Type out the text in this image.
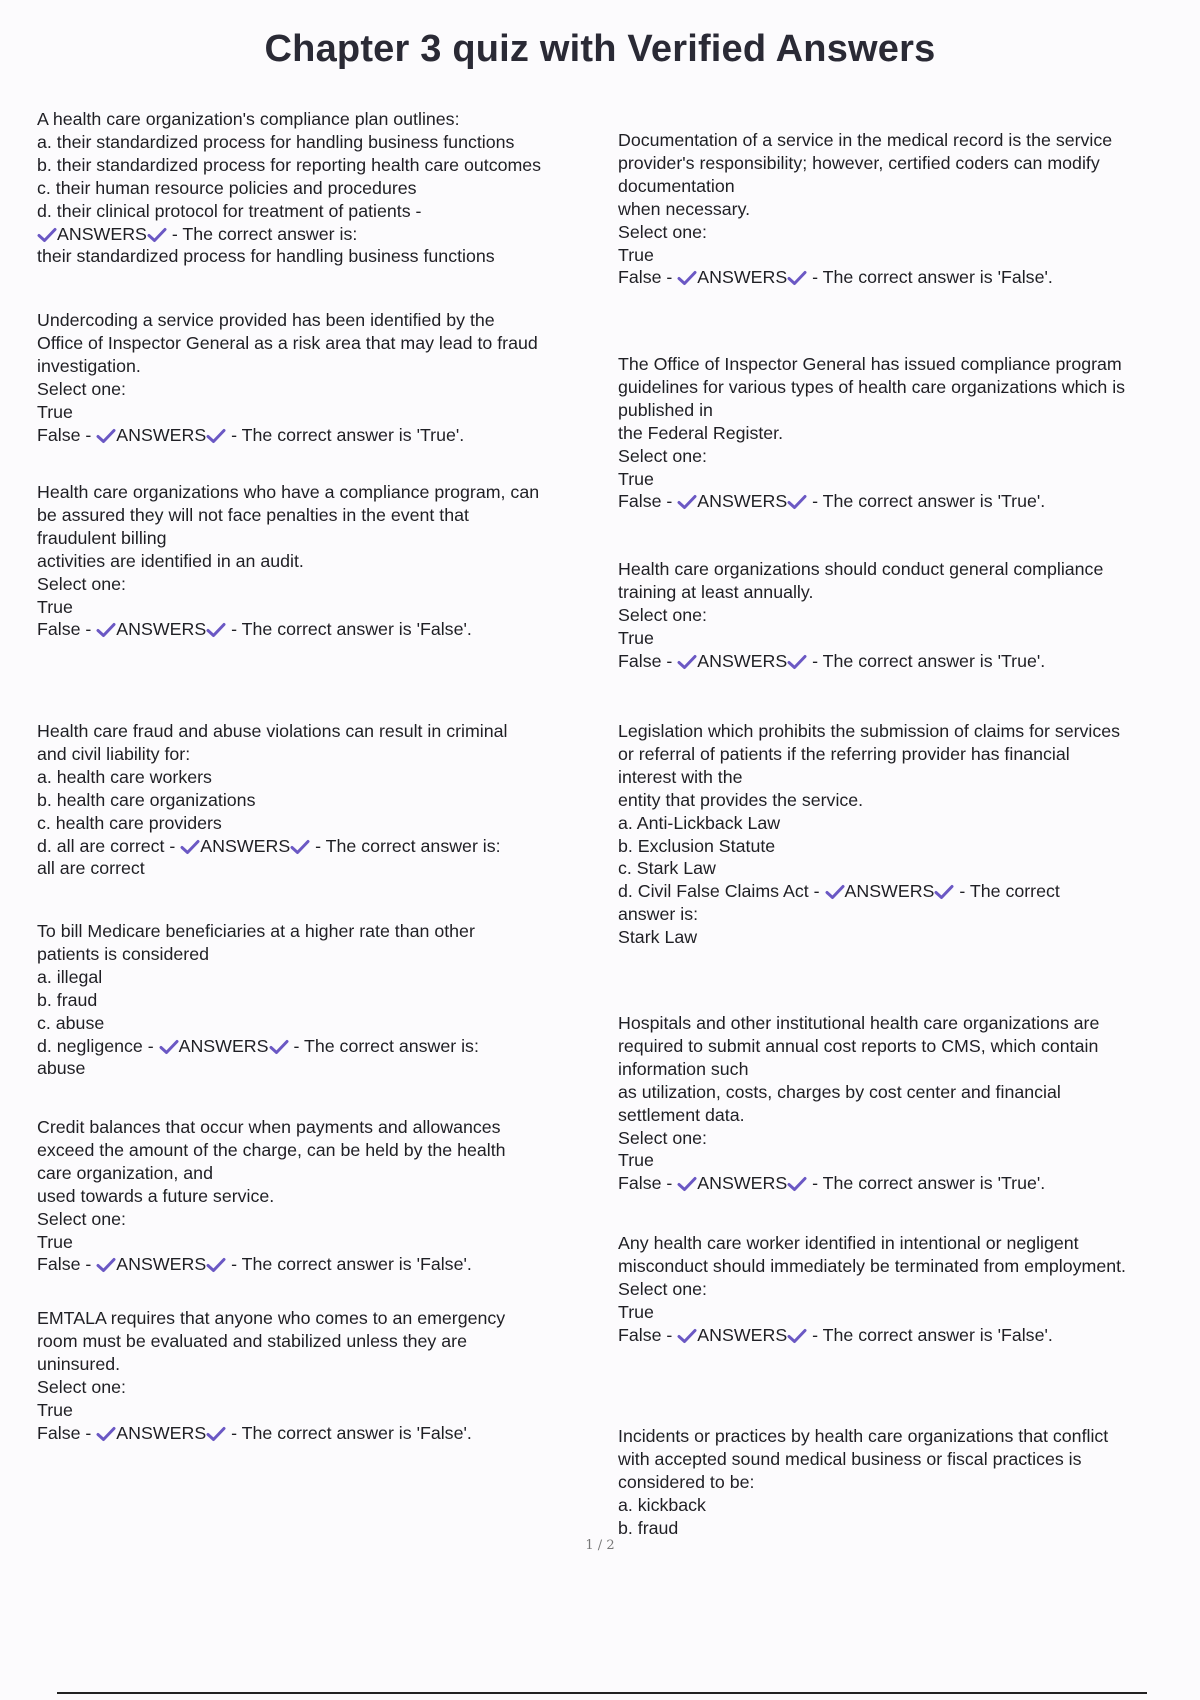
Chapter 3 quiz with Verified Answers
A health care organization's compliance plan outlines:
a. their standardized process for handling business functions
b. their standardized process for reporting health care outcomes
c. their human resource policies and procedures
d. their clinical protocol for treatment of patients -
ANSWERS
- The correct answer is:
their standardized process for handling business functions
Undercoding a service provided has been identified by the
Office of Inspector General as a risk area that may lead to fraud
investigation.
Select one:
True
False -
ANSWERS
- The correct answer is 'True'.
Health care organizations who have a compliance program, can
be assured they will not face penalties in the event that
fraudulent billing
activities are identified in an audit.
Select one:
True
False -
ANSWERS
- The correct answer is 'False'.
Health care fraud and abuse violations can result in criminal
and civil liability for:
a. health care workers
b. health care organizations
c. health care providers
d. all are correct -
ANSWERS
- The correct answer is:
all are correct
To bill Medicare beneficiaries at a higher rate than other
patients is considered
a. illegal
b. fraud
c. abuse
d. negligence -
ANSWERS
- The correct answer is:
abuse
Credit balances that occur when payments and allowances
exceed the amount of the charge, can be held by the health
care organization, and
used towards a future service.
Select one:
True
False -
ANSWERS
- The correct answer is 'False'.
EMTALA requires that anyone who comes to an emergency
room must be evaluated and stabilized unless they are
uninsured.
Select one:
True
False -
ANSWERS
- The correct answer is 'False'.
Documentation of a service in the medical record is the service
provider's responsibility; however, certified coders can modify
documentation
when necessary.
Select one:
True
False -
ANSWERS
- The correct answer is 'False'.
The Office of Inspector General has issued compliance program
guidelines for various types of health care organizations which is
published in
the Federal Register.
Select one:
True
False -
ANSWERS
- The correct answer is 'True'.
Health care organizations should conduct general compliance
training at least annually.
Select one:
True
False -
ANSWERS
- The correct answer is 'True'.
Legislation which prohibits the submission of claims for services
or referral of patients if the referring provider has financial
interest with the
entity that provides the service.
a. Anti-Lickback Law
b. Exclusion Statute
c. Stark Law
d. Civil False Claims Act -
ANSWERS
- The correct
answer is:
Stark Law
Hospitals and other institutional health care organizations are
required to submit annual cost reports to CMS, which contain
information such
as utilization, costs, charges by cost center and financial
settlement data.
Select one:
True
False -
ANSWERS
- The correct answer is 'True'.
Any health care worker identified in intentional or negligent
misconduct should immediately be terminated from employment.
Select one:
True
False -
ANSWERS
- The correct answer is 'False'.
Incidents or practices by health care organizations that conflict
with accepted sound medical business or fiscal practices is
considered to be:
a. kickback
b. fraud
1 / 2
